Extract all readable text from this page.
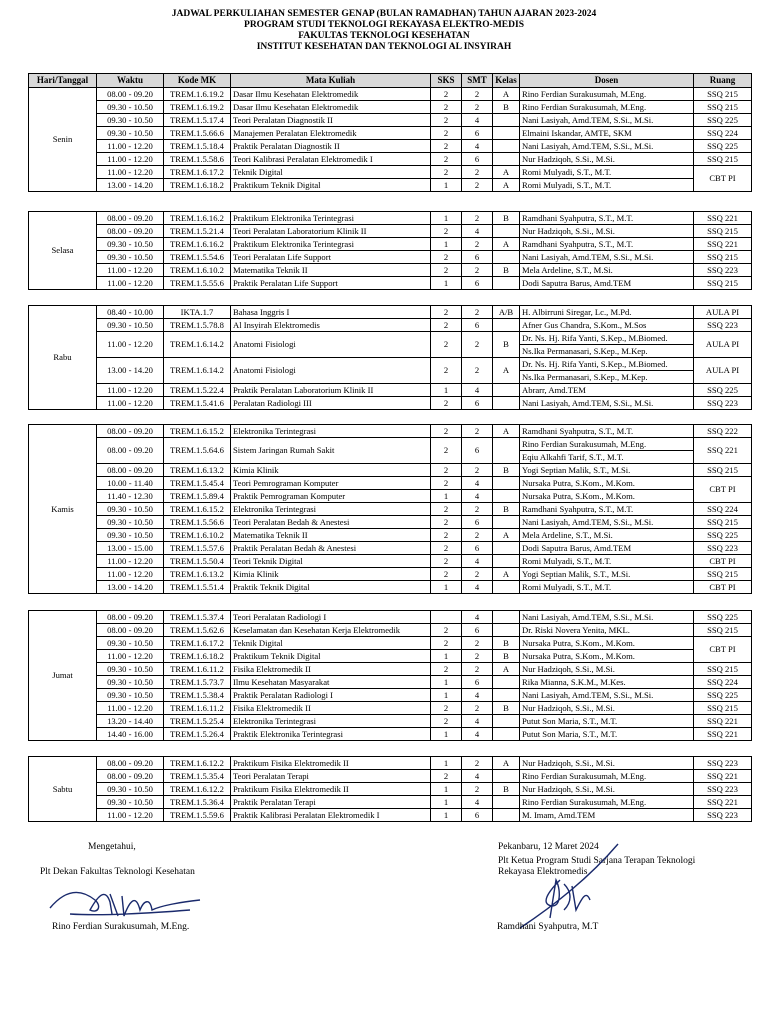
JADWAL PERKULIAHAN SEMESTER GENAP (BULAN RAMADHAN) TAHUN AJARAN 2023-2024
PROGRAM STUDI TEKNOLOGI REKAYASA ELEKTRO-MEDIS
FAKULTAS TEKNOLOGI KESEHATAN
INSTITUT KESEHATAN DAN TEKNOLOGI AL INSYIRAH
Hari/Tanggal	Waktu	Kode MK	Mata Kuliah	SKS	SMT	Kelas	Dosen	Ruang
Senin	08.00 - 09.20	TREM.1.6.19.2	Dasar Ilmu Kesehatan Elektromedik	2	2	A	Rino Ferdian Surakusumah, M.Eng.	SSQ 215
	09.30 - 10.50	TREM.1.6.19.2	Dasar Ilmu Kesehatan Elektromedik	2	2	B	Rino Ferdian Surakusumah, M.Eng.	SSQ 215
	09.30 - 10.50	TREM.1.5.17.4	Teori Peralatan Diagnostik II	2	4		Nani Lasiyah, Amd.TEM, S.Si., M.Si.	SSQ 225
	09.30 - 10.50	TREM.1.5.66.6	Manajemen Peralatan Elektromedik	2	6		Elmaini Iskandar, AMTE, SKM	SSQ 224
	11.00 - 12.20	TREM.1.5.18.4	Praktik Peralatan Diagnostik II	2	4		Nani Lasiyah, Amd.TEM, S.Si., M.Si.	SSQ 225
	11.00 - 12.20	TREM.1.5.58.6	Teori Kalibrasi Peralatan Elektromedik I	2	6		Nur Hadziqoh, S.Si., M.Si.	SSQ 215
	11.00 - 12.20	TREM.1.6.17.2	Teknik Digital	2	2	A	Romi Mulyadi, S.T., M.T.	CBT PI
	13.00 - 14.20	TREM.1.6.18.2	Praktikum Teknik Digital	1	2	A	Romi Mulyadi, S.T., M.T.	
Selasa	08.00 - 09.20	TREM.1.6.16.2	Praktikum Elektronika Terintegrasi	1	2	B	Ramdhani Syahputra, S.T., M.T.	SSQ 221
	08.00 - 09.20	TREM.1.5.21.4	Teori Peralatan Laboratorium Klinik II	2	4		Nur Hadziqoh, S.Si., M.Si.	SSQ 215
	09.30 - 10.50	TREM.1.6.16.2	Praktikum Elektronika Terintegrasi	1	2	A	Ramdhani Syahputra, S.T., M.T.	SSQ 221
	09.30 - 10.50	TREM.1.5.54.6	Teori Peralatan Life Support	2	6		Nani Lasiyah, Amd.TEM, S.Si., M.Si.	SSQ 215
	11.00 - 12.20	TREM.1.6.10.2	Matematika Teknik II	2	2	B	Mela Ardeline, S.T., M.Si.	SSQ 223
	11.00 - 12.20	TREM.1.5.55.6	Praktik Peralatan Life Support	1	6		Dodi Saputra Barus, Amd.TEM	SSQ 215
Rabu	08.40 - 10.00	IKTA.1.7	Bahasa Inggris I	2	2	A/B	H. Albirruni Siregar, Lc., M.Pd.	AULA PI
	09.30 - 10.50	TREM.1.5.78.8	Al Insyirah Elektromedis	2	6		Afner Gus Chandra, S.Kom., M.Sos	SSQ 223
	11.00 - 12.20	TREM.1.6.14.2	Anatomi Fisiologi	2	2	B	Dr. Ns. Hj. Rifa Yanti, S.Kep., M.Biomed.	AULA PI
							Ns.Ika Permanasari, S.Kep., M.Kep.	
	13.00 - 14.20	TREM.1.6.14.2	Anatomi Fisiologi	2	2	A	Dr. Ns. Hj. Rifa Yanti, S.Kep., M.Biomed.	AULA PI
							Ns.Ika Permanasari, S.Kep., M.Kep.	
	11.00 - 12.20	TREM.1.5.22.4	Praktik Peralatan Laboratorium Klinik II	1	4		Abrarr, Amd.TEM	SSQ 225
	11.00 - 12.20	TREM.1.5.41.6	Peralatan Radiologi III	2	6		Nani Lasiyah, Amd.TEM, S.Si., M.Si.	SSQ 223
Kamis	08.00 - 09.20	TREM.1.6.15.2	Elektronika Terintegrasi	2	2	A	Ramdhani Syahputra, S.T., M.T.	SSQ 222
	08.00 - 09.20	TREM.1.5.64.6	Sistem Jaringan Rumah Sakit	2	6		Rino Ferdian Surakusumah, M.Eng.	SSQ 221
							Eqiu Alkahfi Tarif, S.T., M.T.	
	08.00 - 09.20	TREM.1.6.13.2	Kimia Klinik	2	2	B	Yogi Septian Malik, S.T., M.Si.	SSQ 215
	10.00 - 11.40	TREM.1.5.45.4	Teori Pemrograman Komputer	2	4		Nursaka Putra, S.Kom., M.Kom.	CBT PI
	11.40 - 12.30	TREM.1.5.89.4	Praktik Pemrograman Komputer	1	4		Nursaka Putra, S.Kom., M.Kom.	
	09.30 - 10.50	TREM.1.6.15.2	Elektronika Terintegrasi	2	2	B	Ramdhani Syahputra, S.T., M.T.	SSQ 224
	09.30 - 10.50	TREM.1.5.56.6	Teori Peralatan Bedah & Anestesi	2	6		Nani Lasiyah, Amd.TEM, S.Si., M.Si.	SSQ 215
	09.30 - 10.50	TREM.1.6.10.2	Matematika Teknik II	2	2	A	Mela Ardeline, S.T., M.Si.	SSQ 225
	13.00 - 15.00	TREM.1.5.57.6	Praktik Peralatan Bedah & Anestesi	2	6		Dodi Saputra Barus, Amd.TEM	SSQ 223
	11.00 - 12.20	TREM.1.5.50.4	Teori Teknik Digital	2	4		Romi Mulyadi, S.T., M.T.	CBT PI
	11.00 - 12.20	TREM.1.6.13.2	Kimia Klinik	2	2	A	Yogi Septian Malik, S.T., M.Si.	SSQ 215
	13.00 - 14.20	TREM.1.5.51.4	Praktik Teknik Digital	1	4		Romi Mulyadi, S.T., M.T.	CBT PI
Jumat	08.00 - 09.20	TREM.1.5.37.4	Teori Peralatan Radiologi I		4		Nani Lasiyah, Amd.TEM, S.Si., M.Si.	SSQ 225
	08.00 - 09.20	TREM.1.5.62.6	Keselamatan dan Kesehatan Kerja Elektromedik	2	6		Dr. Riski Novera Yenita, MKL.	SSQ 215
	09.30 - 10.50	TREM.1.6.17.2	Teknik Digital	2	2	B	Nursaka Putra, S.Kom., M.Kom.	CBT PI
	11.00 - 12.20	TREM.1.6.18.2	Praktikum Teknik Digital	1	2	B	Nursaka Putra, S.Kom., M.Kom.	
	09.30 - 10.50	TREM.1.6.11.2	Fisika Elektromedik II	2	2	A	Nur Hadziqoh, S.Si., M.Si.	SSQ 215
	09.30 - 10.50	TREM.1.5.73.7	Ilmu Kesehatan Masyarakat	1	6		Rika Mianna, S.K.M., M.Kes.	SSQ 224
	09.30 - 10.50	TREM.1.5.38.4	Praktik Peralatan Radiologi I	1	4		Nani Lasiyah, Amd.TEM, S.Si., M.Si.	SSQ 225
	11.00 - 12.20	TREM.1.6.11.2	Fisika Elektromedik II	2	2	B	Nur Hadziqoh, S.Si., M.Si.	SSQ 215
	13.20 - 14.40	TREM.1.5.25.4	Elektronika Terintegrasi	2	4		Putut Son Maria, S.T., M.T.	SSQ 221
	14.40 - 16.00	TREM.1.5.26.4	Praktik Elektronika Terintegrasi	1	4		Putut Son Maria, S.T., M.T.	SSQ 221
Sabtu	08.00 - 09.20	TREM.1.6.12.2	Praktikum Fisika Elektromedik II	1	2	A	Nur Hadziqoh, S.Si., M.Si.	SSQ 223
	08.00 - 09.20	TREM.1.5.35.4	Teori Peralatan Terapi	2	4		Rino Ferdian Surakusumah, M.Eng.	SSQ 221
	09.30 - 10.50	TREM.1.6.12.2	Praktikum Fisika Elektromedik II	1	2	B	Nur Hadziqoh, S.Si., M.Si.	SSQ 223
	09.30 - 10.50	TREM.1.5.36.4	Praktik Peralatan Terapi	1	4		Rino Ferdian Surakusumah, M.Eng.	SSQ 221
	11.00 - 12.20	TREM.1.5.59.6	Praktik Kalibrasi Peralatan Elektromedik I	1	6		M. Imam, Amd.TEM	SSQ 223
Mengetahui,
Plt Dekan Fakultas Teknologi Kesehatan
Rino Ferdian Surakusumah, M.Eng.
Pekanbaru, 12 Maret 2024
Plt Ketua Program Studi Sarjana Terapan Teknologi
Rekayasa Elektromedis
Ramdhani Syahputra, M.T
